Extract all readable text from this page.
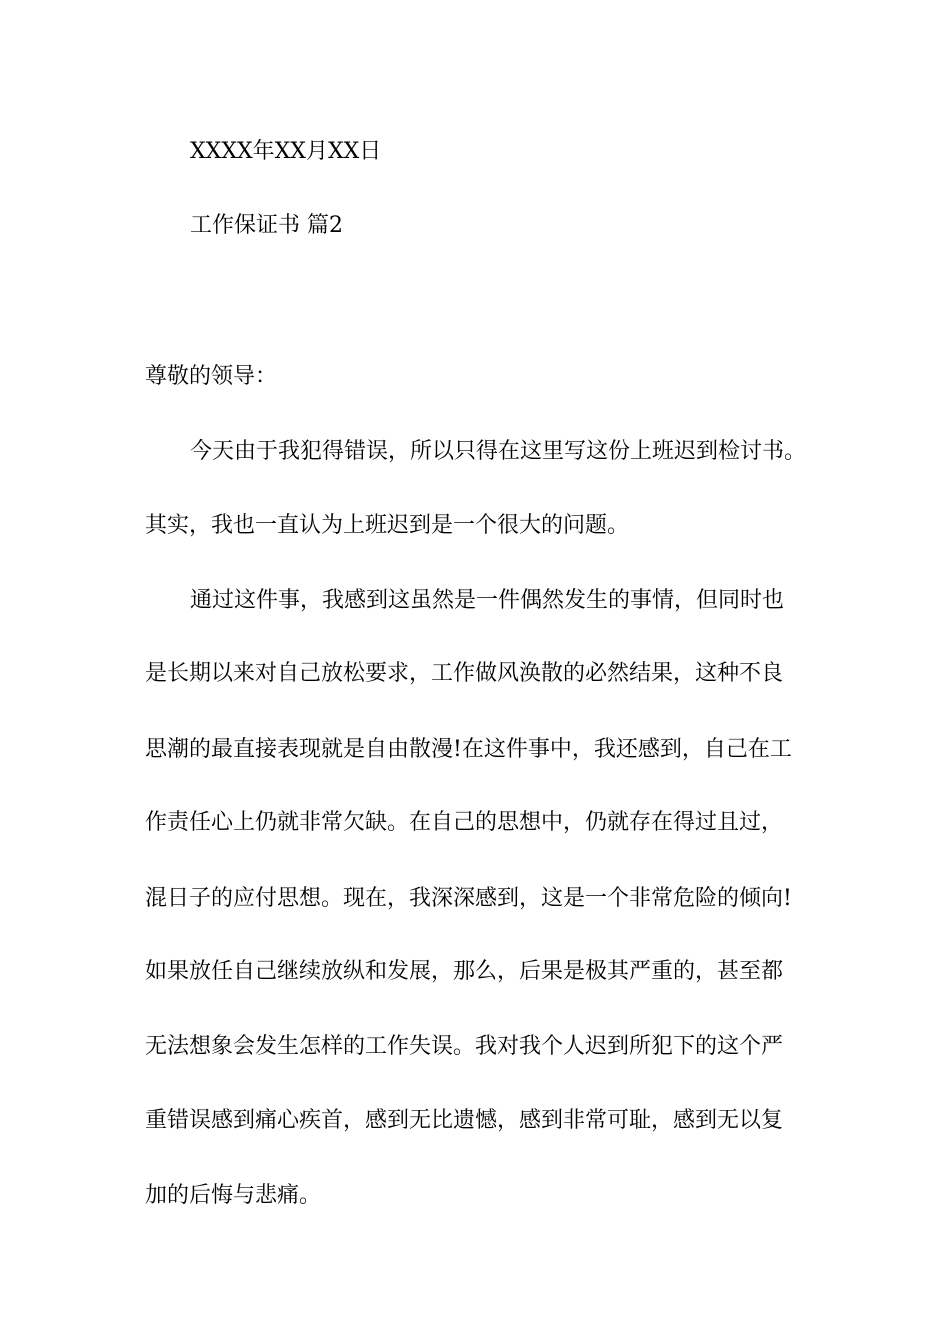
XXXX年XX月XX日
工作保证书 篇2
尊敬的领导：
今天由于我犯得错误，所以只得在这里写这份上班迟到检讨书。
其实，我也一直认为上班迟到是一个很大的问题。
通过这件事，我感到这虽然是一件偶然发生的事情，但同时也
是长期以来对自己放松要求，工作做风涣散的必然结果，这种不良
思潮的最直接表现就是自由散漫!在这件事中，我还感到，自己在工
作责任心上仍就非常欠缺。在自己的思想中，仍就存在得过且过，
混日子的应付思想。现在，我深深感到，这是一个非常危险的倾向!
如果放任自己继续放纵和发展，那么，后果是极其严重的，甚至都
无法想象会发生怎样的工作失误。我对我个人迟到所犯下的这个严
重错误感到痛心疾首，感到无比遗憾，感到非常可耻，感到无以复
加的后悔与悲痛。
